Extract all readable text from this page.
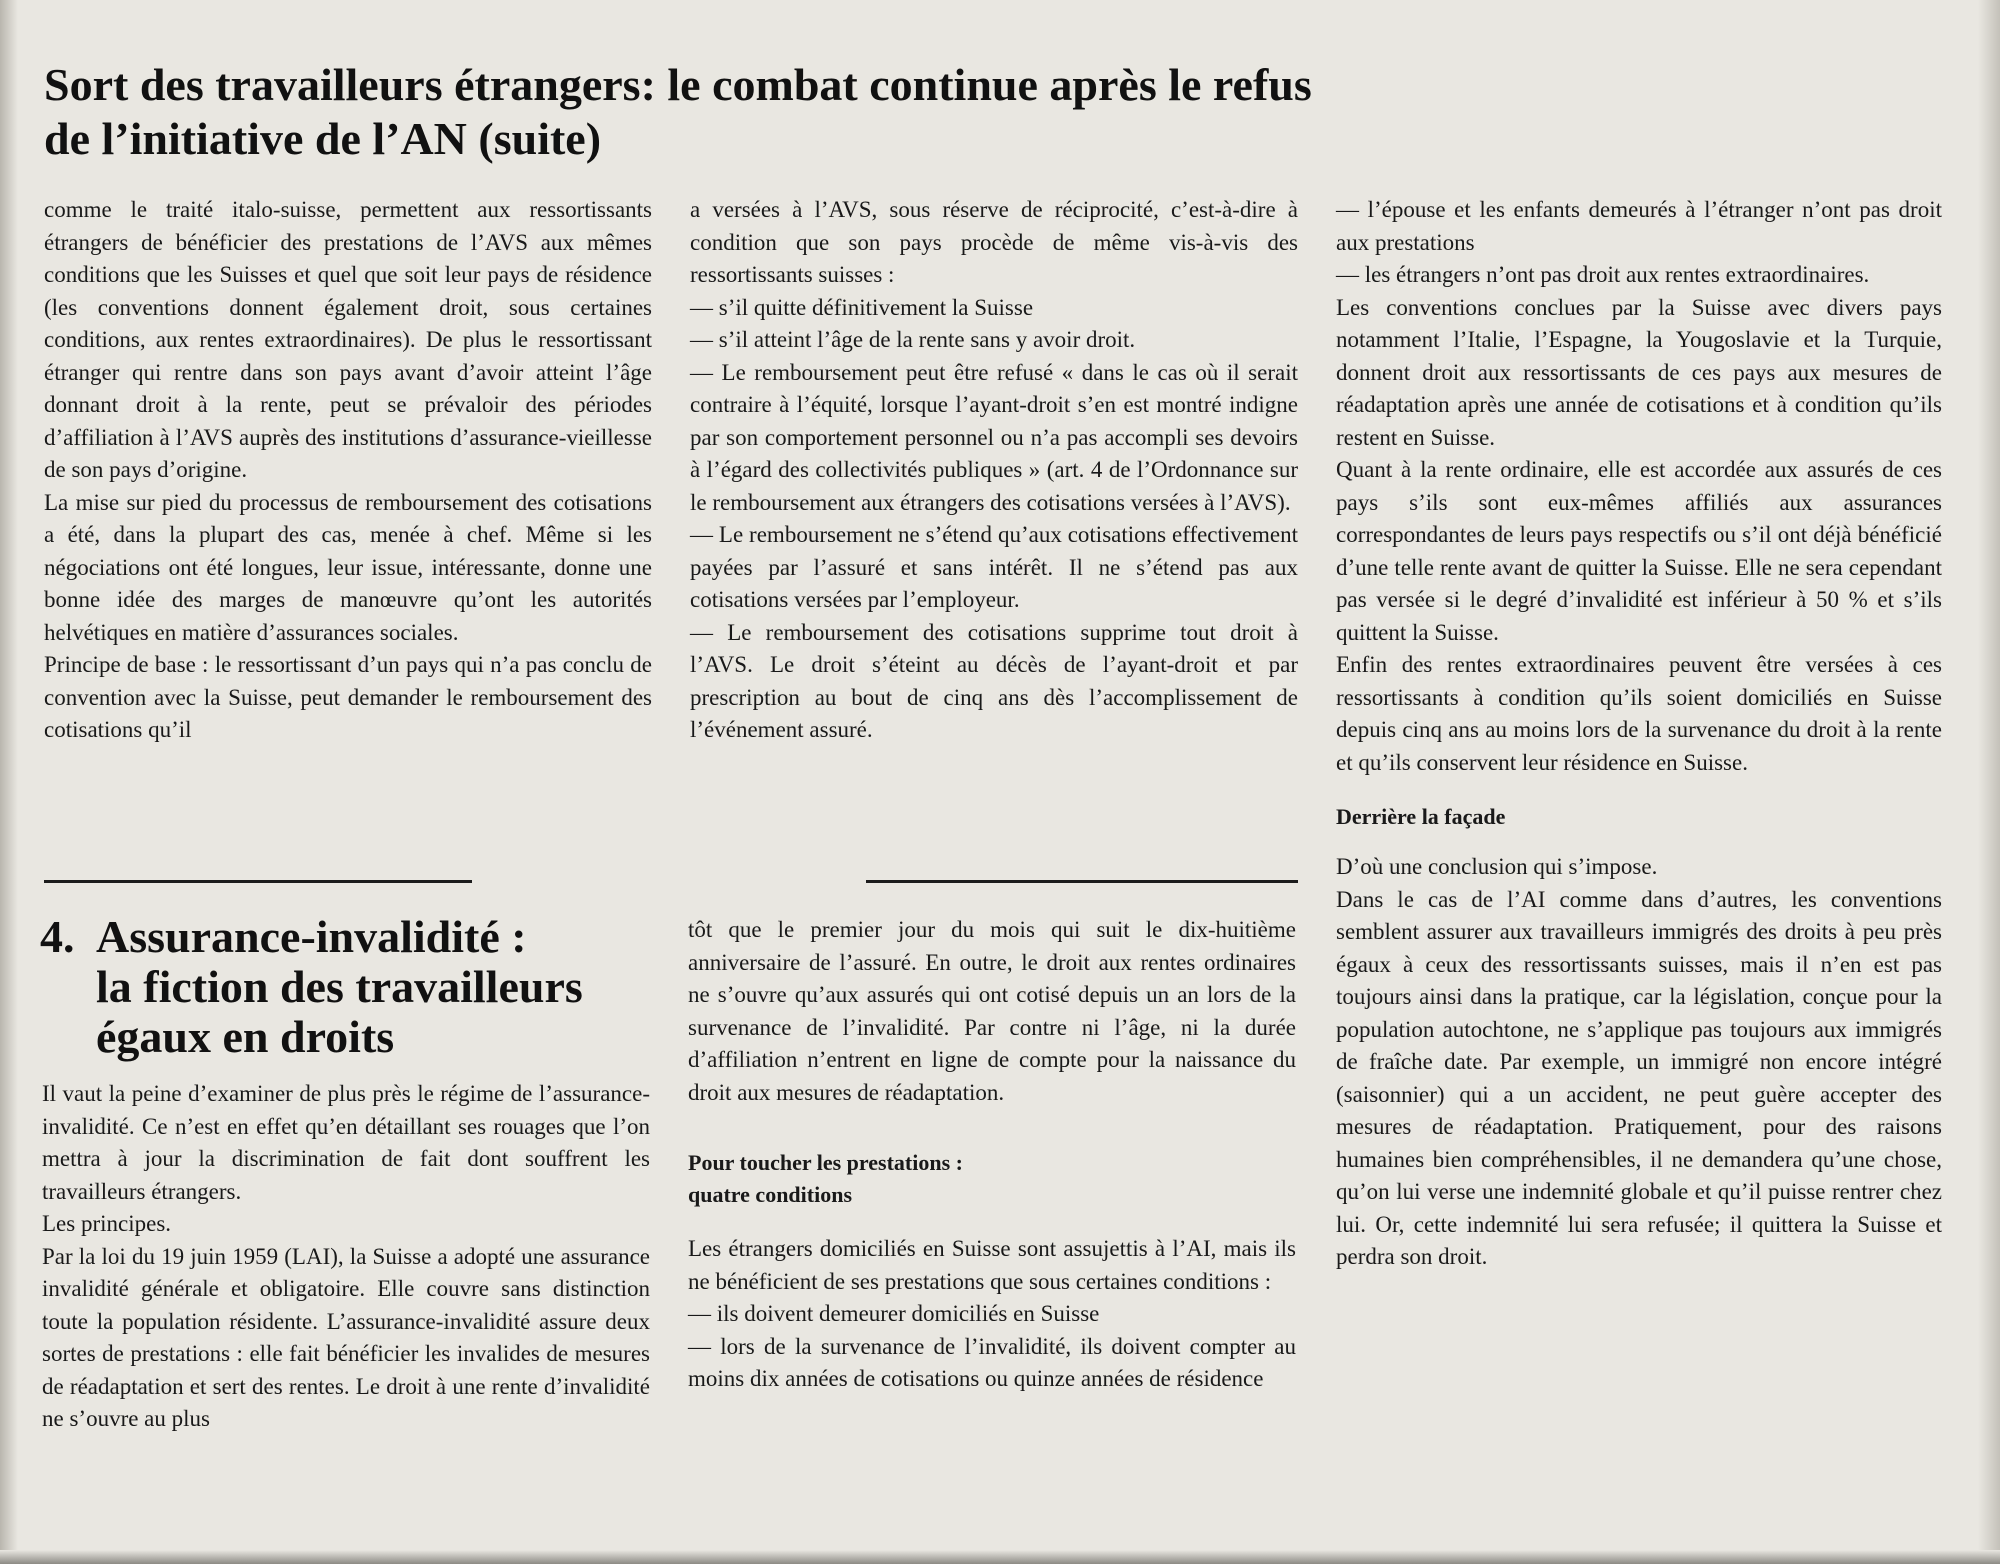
Sort des travailleurs étrangers: le combat continue après le refus
de l’initiative de l’AN (suite)

comme le traité italo-suisse, permettent aux ressortissants étrangers de bénéficier des prestations de l’AVS aux mêmes conditions que les Suisses et quel que soit leur pays de résidence (les conventions donnent également droit, sous certaines conditions, aux rentes extraordinaires). De plus le ressortissant étranger qui rentre dans son pays avant d’avoir atteint l’âge donnant droit à la rente, peut se prévaloir des périodes d’affiliation à l’AVS auprès des institutions d’assurance-vieillesse de son pays d’origine.

La mise sur pied du processus de remboursement des cotisations a été, dans la plupart des cas, menée à chef. Même si les négociations ont été longues, leur issue, intéressante, donne une bonne idée des marges de manœuvre qu’ont les autorités helvétiques en matière d’assurances sociales.

Principe de base : le ressortissant d’un pays qui n’a pas conclu de convention avec la Suisse, peut demander le remboursement des cotisations qu’il

a versées à l’AVS, sous réserve de réciprocité, c’est-à-dire à condition que son pays procède de même vis-à-vis des ressortissants suisses :

— s’il quitte définitivement la Suisse

— s’il atteint l’âge de la rente sans y avoir droit.

— Le remboursement peut être refusé « dans le cas où il serait contraire à l’équité, lorsque l’ayant-droit s’en est montré indigne par son comportement personnel ou n’a pas accompli ses devoirs à l’égard des collectivités publiques » (art. 4 de l’Ordonnance sur le remboursement aux étrangers des cotisations versées à l’AVS).

— Le remboursement ne s’étend qu’aux cotisations effectivement payées par l’assuré et sans intérêt. Il ne s’étend pas aux cotisations versées par l’employeur.

— Le remboursement des cotisations supprime tout droit à l’AVS. Le droit s’éteint au décès de l’ayant-droit et par prescription au bout de cinq ans dès l’accomplissement de l’événement assuré.

— l’épouse et les enfants demeurés à l’étranger n’ont pas droit aux prestations

— les étrangers n’ont pas droit aux rentes extraordinaires.

Les conventions conclues par la Suisse avec divers pays notamment l’Italie, l’Espagne, la Yougoslavie et la Turquie, donnent droit aux ressortissants de ces pays aux mesures de réadaptation après une année de cotisations et à condition qu’ils restent en Suisse.

Quant à la rente ordinaire, elle est accordée aux assurés de ces pays s’ils sont eux-mêmes affiliés aux assurances correspondantes de leurs pays respectifs ou s’il ont déjà bénéficié d’une telle rente avant de quitter la Suisse. Elle ne sera cependant pas versée si le degré d’invalidité est inférieur à 50 % et s’ils quittent la Suisse.

Enfin des rentes extraordinaires peuvent être versées à ces ressortissants à condition qu’ils soient domiciliés en Suisse depuis cinq ans au moins lors de la survenance du droit à la rente et qu’ils conservent leur résidence en Suisse.

Derrière la façade

D’où une conclusion qui s’impose.

Dans le cas de l’AI comme dans d’autres, les conventions semblent assurer aux travailleurs immigrés des droits à peu près égaux à ceux des ressortissants suisses, mais il n’en est pas toujours ainsi dans la pratique, car la législation, conçue pour la population autochtone, ne s’applique pas toujours aux immigrés de fraîche date. Par exemple, un immigré non encore intégré (saisonnier) qui a un accident, ne peut guère accepter des mesures de réadaptation. Pratiquement, pour des raisons humaines bien compréhensibles, il ne demandera qu’une chose, qu’on lui verse une indemnité globale et qu’il puisse rentrer chez lui. Or, cette indemnité lui sera refusée; il quittera la Suisse et perdra son droit.

4. Assurance-invalidité :
la fiction des travailleurs
égaux en droits

Il vaut la peine d’examiner de plus près le régime de l’assurance-invalidité. Ce n’est en effet qu’en détaillant ses rouages que l’on mettra à jour la discrimination de fait dont souffrent les travailleurs étrangers.

Les principes.

Par la loi du 19 juin 1959 (LAI), la Suisse a adopté une assurance invalidité générale et obligatoire. Elle couvre sans distinction toute la population résidente. L’assurance-invalidité assure deux sortes de prestations : elle fait bénéficier les invalides de mesures de réadaptation et sert des rentes. Le droit à une rente d’invalidité ne s’ouvre au plus

tôt que le premier jour du mois qui suit le dix-huitième anniversaire de l’assuré. En outre, le droit aux rentes ordinaires ne s’ouvre qu’aux assurés qui ont cotisé depuis un an lors de la survenance de l’invalidité. Par contre ni l’âge, ni la durée d’affiliation n’entrent en ligne de compte pour la naissance du droit aux mesures de réadaptation.

Pour toucher les prestations :
quatre conditions

Les étrangers domiciliés en Suisse sont assujettis à l’AI, mais ils ne bénéficient de ses prestations que sous certaines conditions :

— ils doivent demeurer domiciliés en Suisse

— lors de la survenance de l’invalidité, ils doivent compter au moins dix années de cotisations ou quinze années de résidence
